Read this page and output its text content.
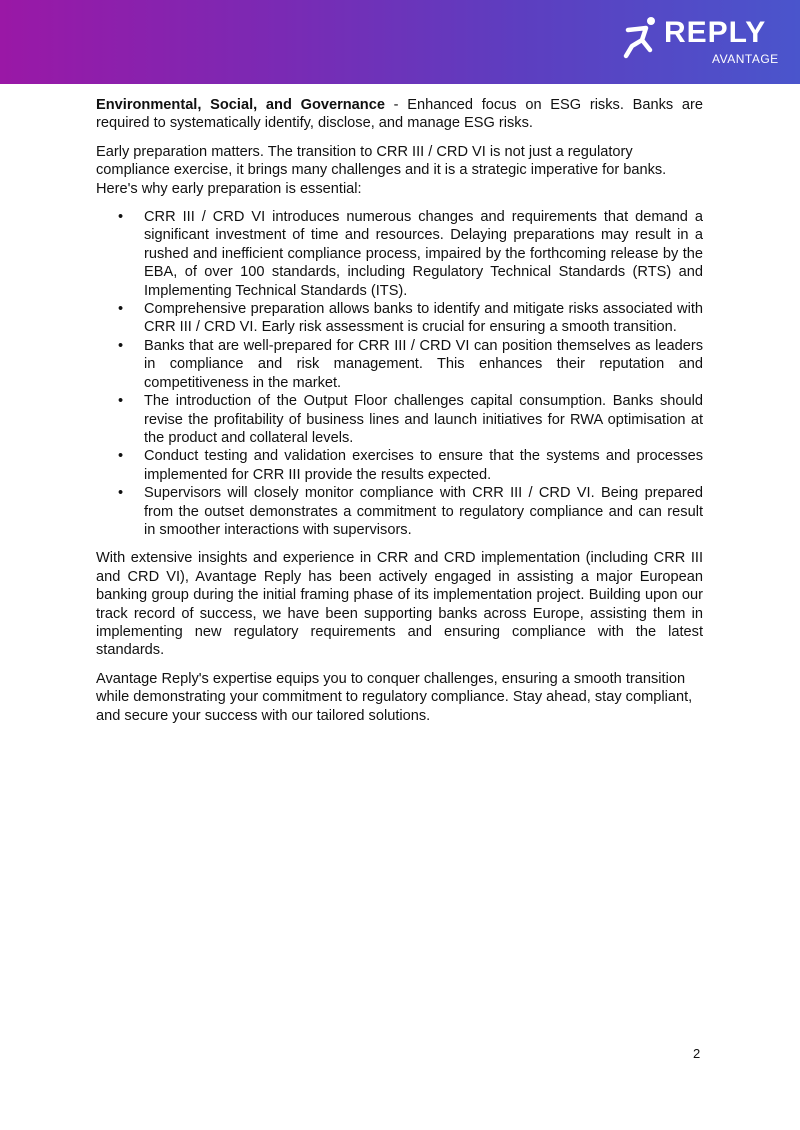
REPLY
AVANTAGE

Environmental, Social, and Governance - Enhanced focus on ESG risks. Banks are required to systematically identify, disclose, and manage ESG risks.

Early preparation matters. The transition to CRR III / CRD VI is not just a regulatory compliance exercise, it brings many challenges and it is a strategic imperative for banks. Here's why early preparation is essential:

• CRR III / CRD VI introduces numerous changes and requirements that demand a significant investment of time and resources. Delaying preparations may result in a rushed and inefficient compliance process, impaired by the forthcoming release by the EBA, of over 100 standards, including Regulatory Technical Standards (RTS) and Implementing Technical Standards (ITS).
• Comprehensive preparation allows banks to identify and mitigate risks associated with CRR III / CRD VI. Early risk assessment is crucial for ensuring a smooth transition.
• Banks that are well-prepared for CRR III / CRD VI can position themselves as leaders in compliance and risk management. This enhances their reputation and competitiveness in the market.
• The introduction of the Output Floor challenges capital consumption. Banks should revise the profitability of business lines and launch initiatives for RWA optimisation at the product and collateral levels.
• Conduct testing and validation exercises to ensure that the systems and processes implemented for CRR III provide the results expected.
• Supervisors will closely monitor compliance with CRR III / CRD VI. Being prepared from the outset demonstrates a commitment to regulatory compliance and can result in smoother interactions with supervisors.

With extensive insights and experience in CRR and CRD implementation (including CRR III and CRD VI), Avantage Reply has been actively engaged in assisting a major European banking group during the initial framing phase of its implementation project. Building upon our track record of success, we have been supporting banks across Europe, assisting them in implementing new regulatory requirements and ensuring compliance with the latest standards.

Avantage Reply's expertise equips you to conquer challenges, ensuring a smooth transition while demonstrating your commitment to regulatory compliance. Stay ahead, stay compliant, and secure your success with our tailored solutions.

2
